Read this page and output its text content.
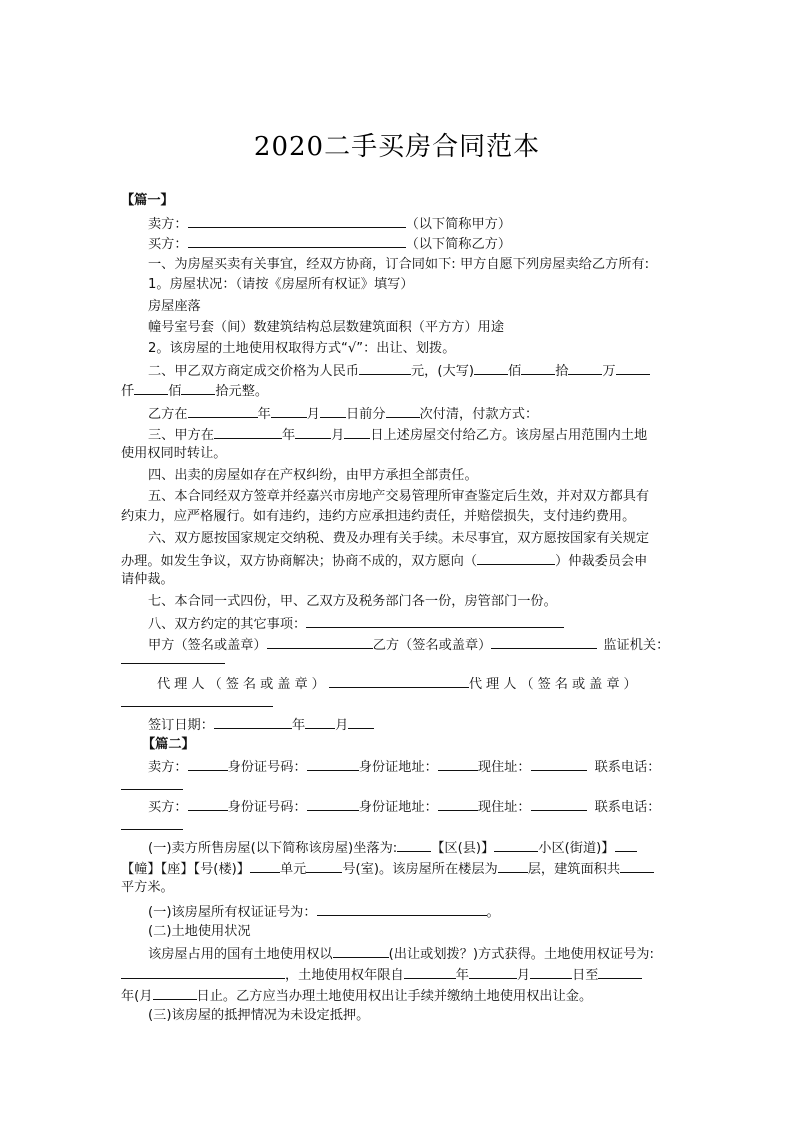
2020二手买房合同范本
【篇一】
卖方：	（以下简称甲方）
买方：	（以下简称乙方）
一、为房屋买卖有关事宜，经双方协商，订合同如下: 甲方自愿下列房屋卖给乙方所有:
1。房屋状况：（请按《房屋所有权证》填写）
房屋座落
幢号室号套（间）数建筑结构总层数建筑面积（平方方）用途
2。该房屋的土地使用权取得方式“√”：出让、划拨。
二、甲乙双方商定成交价格为人民币	元，(大写)	佰	拾	万
仟	佰	拾元整。
乙方在	年	月 日前分	次付清，付款方式：
三、甲方在	年	月 日上述房屋交付给乙方。该房屋占用范围内土地
使用权同时转让。
四、出卖的房屋如存在产权纠纷，由甲方承担全部责任。
五、本合同经双方签章并经嘉兴市房地产交易管理所审查鉴定后生效，并对双方都具有
约束力，应严格履行。如有违约，违约方应承担违约责任，并赔偿损失，支付违约费用。
六、双方愿按国家规定交纳税、费及办理有关手续。未尽事宜，双方愿按国家有关规定
办理。如发生争议，双方协商解决；协商不成的，双方愿向（	）仲裁委员会申
请仲裁。
七、本合同一式四份，甲、乙双方及税务部门各一份，房管部门一份。
八、双方约定的其它事项：
甲方（签名或盖章）	乙方（签名或盖章）	监证机关：
代理人（签名或盖章）	代理人（签名或盖章）
签订日期：	年 月
【篇二】
卖方：	身份证号码：	身份证地址：	现住址：	联系电话：
买方：	身份证号码：	身份证地址：	现住址：	联系电话：
(一)卖方所售房屋(以下简称该房屋)坐落为:	【区(县)】	小区(街道)】
【幢】【座】【号(楼)】 单元	号(室)。该房屋所在楼层为 层，建筑面积共
平方米。
(一)该房屋所有权证证号为：	。
(二)土地使用状况
该房屋占用的国有土地使用权以	(出让或划拨？)方式获得。土地使用权证号为:
，土地使用权年限自	年	月	日至
年(月	日止。乙方应当办理土地使用权出让手续并缴纳土地使用权出让金。
(三)该房屋的抵押情况为未设定抵押。
